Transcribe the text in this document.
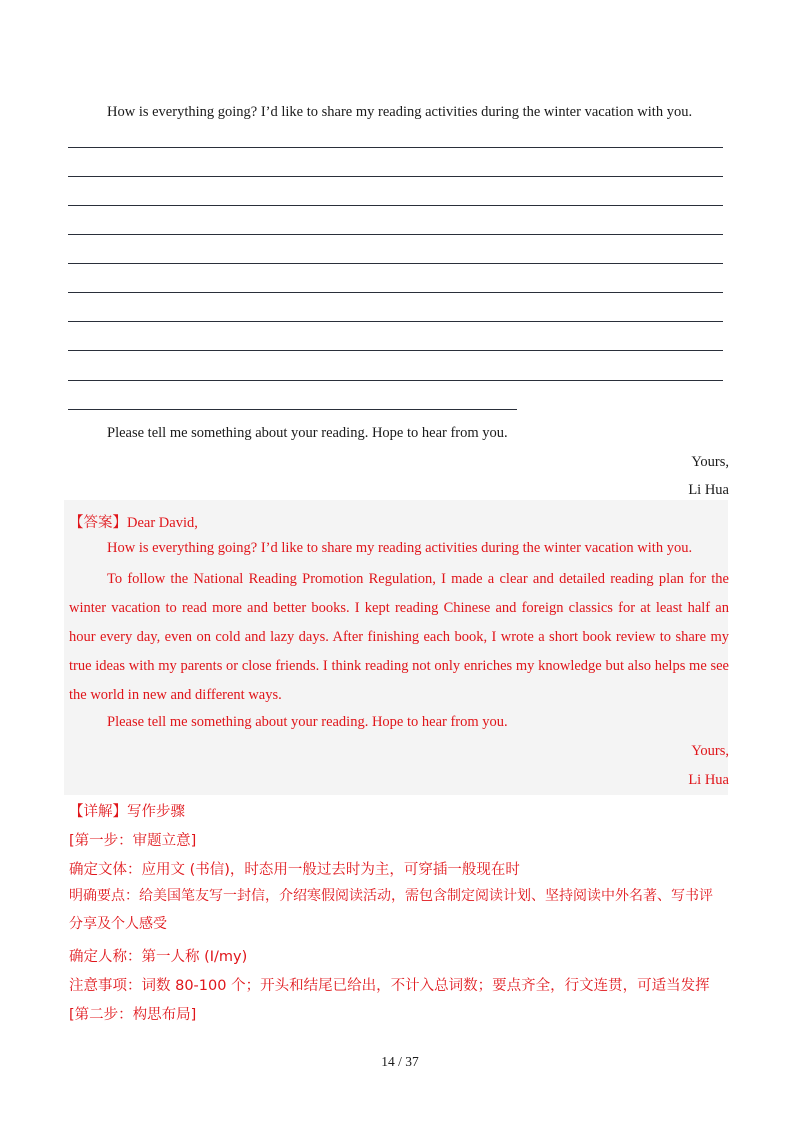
How is everything going? I’d like to share my reading activities during the winter vacation with you.
Please tell me something about your reading. Hope to hear from you.
Yours,
Li Hua
【答案】Dear David,
How is everything going? I’d like to share my reading activities during the winter vacation with you.
To follow the National Reading Promotion Regulation, I made a clear and detailed reading plan for the winter vacation to read more and better books. I kept reading Chinese and foreign classics for at least half an hour every day, even on cold and lazy days. After finishing each book, I wrote a short book review to share my true ideas with my parents or close friends. I think reading not only enriches my knowledge but also helps me see the world in new and different ways.
Please tell me something about your reading. Hope to hear from you.
Yours,
Li Hua
【详解】写作步骤
[第一步：审题立意]
确定文体：应用文 (书信)，时态用一般过去时为主，可穿插一般现在时
明确要点：给美国笔友写一封信，介绍寒假阅读活动，需包含制定阅读计划、坚持阅读中外名著、写书评分享及个人感受
确定人称：第一人称 (I/my)
注意事项：词数 80-100 个；开头和结尾已给出，不计入总词数；要点齐全，行文连贯，可适当发挥
[第二步：构思布局]
14 / 37
